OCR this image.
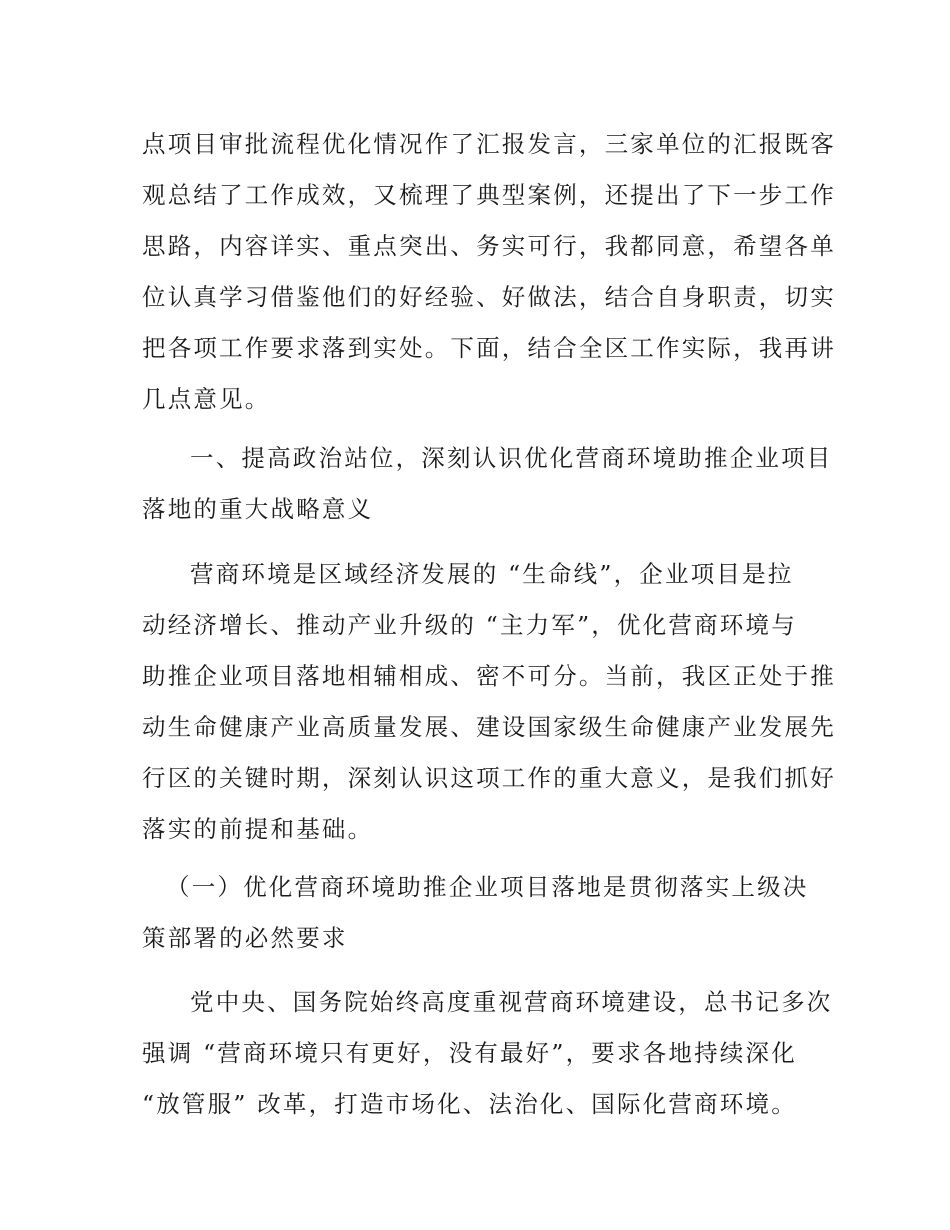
点项目审批流程优化情况作了汇报发言，三家单位的汇报既客
观总结了工作成效，又梳理了典型案例，还提出了下一步工作
思路，内容详实、重点突出、务实可行，我都同意，希望各单
位认真学习借鉴他们的好经验、好做法，结合自身职责，切实
把各项工作要求落到实处。下面，结合全区工作实际，我再讲
几点意见。
一、提高政治站位，深刻认识优化营商环境助推企业项目
落地的重大战略意义
营商环境是区域经济发展的 “生命线”，企业项目是拉
动经济增长、推动产业升级的 “主力军”，优化营商环境与
助推企业项目落地相辅相成、密不可分。当前，我区正处于推
动生命健康产业高质量发展、建设国家级生命健康产业发展先
行区的关键时期，深刻认识这项工作的重大意义，是我们抓好
落实的前提和基础。
（一）优化营商环境助推企业项目落地是贯彻落实上级决
策部署的必然要求
党中央、国务院始终高度重视营商环境建设，总书记多次
强调 “营商环境只有更好，没有最好”，要求各地持续深化
“放管服” 改革，打造市场化、法治化、国际化营商环境。
